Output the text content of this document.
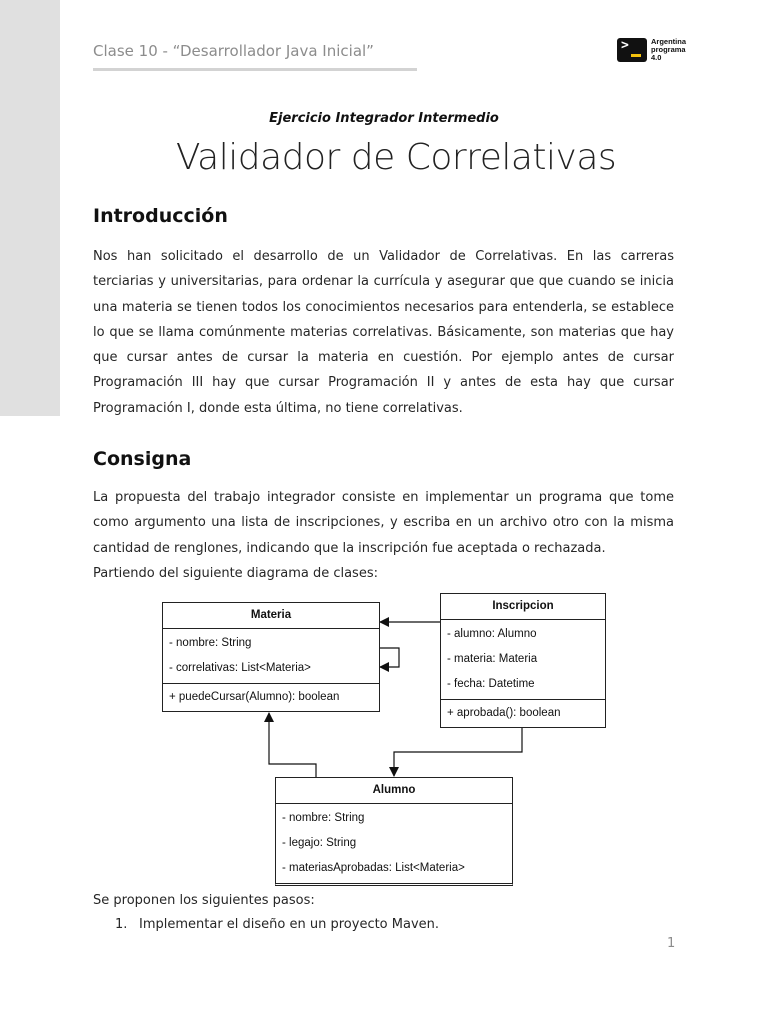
Clase 10 - “Desarrollador Java Inicial”	>	Argentina
programa
4.0
Ejercicio Integrador Intermedio
Validador de Correlativas
Introducción

Nos han solicitado el desarrollo de un Validador de Correlativas. En las carreras terciarias y universitarias, para ordenar la currícula y asegurar que que cuando se inicia una materia se tienen todos los conocimientos necesarios para entenderla, se establece lo que se llama comúnmente materias correlativas. Básicamente, son materias que hay que cursar antes de cursar la materia en cuestión. Por ejemplo antes de cursar Programación III hay que cursar Programación II y antes de esta hay que cursar Programación I, donde esta última, no tiene correlativas.

Consigna

La propuesta del trabajo integrador consiste en implementar un programa que tome como argumento una lista de inscripciones, y escriba en un archivo otro con la misma cantidad de renglones, indicando que la inscripción fue aceptada o rechazada.

Partiendo del siguiente diagrama de clases:

Materia
- nombre: String
- correlativas: List<Materia>
+ puedeCursar(Alumno): boolean
Inscripcion
- alumno: Alumno
- materia: Materia
- fecha: Datetime
+ aprobada(): boolean
Alumno
- nombre: String
- legajo: String
- materiasAprobadas: List<Materia>

Se proponen los siguientes pasos:

1. Implementar el diseño en un proyecto Maven.
1
